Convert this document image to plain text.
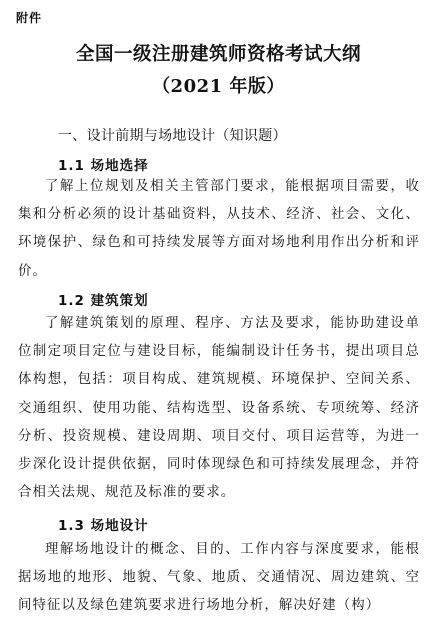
附件
全国一级注册建筑师资格考试大纲
（2021 年版）
一、设计前期与场地设计（知识题）
1.1 场地选择

了解上位规划及相关主管部门要求，能根据项目需要，收集和分析必须的设计基础资料，从技术、经济、社会、文化、环境保护、绿色和可持续发展等方面对场地利用作出分析和评价。

1.2 建筑策划

了解建筑策划的原理、程序、方法及要求，能协助建设单位制定项目定位与建设目标，能编制设计任务书，提出项目总体构想，包括：项目构成、建筑规模、环境保护、空间关系、交通组织、使用功能、结构选型、设备系统、专项统筹、经济分析、投资规模、建设周期、项目交付、项目运营等，为进一步深化设计提供依据，同时体现绿色和可持续发展理念，并符合相关法规、规范及标准的要求。

1.3 场地设计

理解场地设计的概念、目的、工作内容与深度要求，能根据场地的地形、地貌、气象、地质、交通情况、周边建筑、空间特征以及绿色建筑要求进行场地分析，解决好建（构）
